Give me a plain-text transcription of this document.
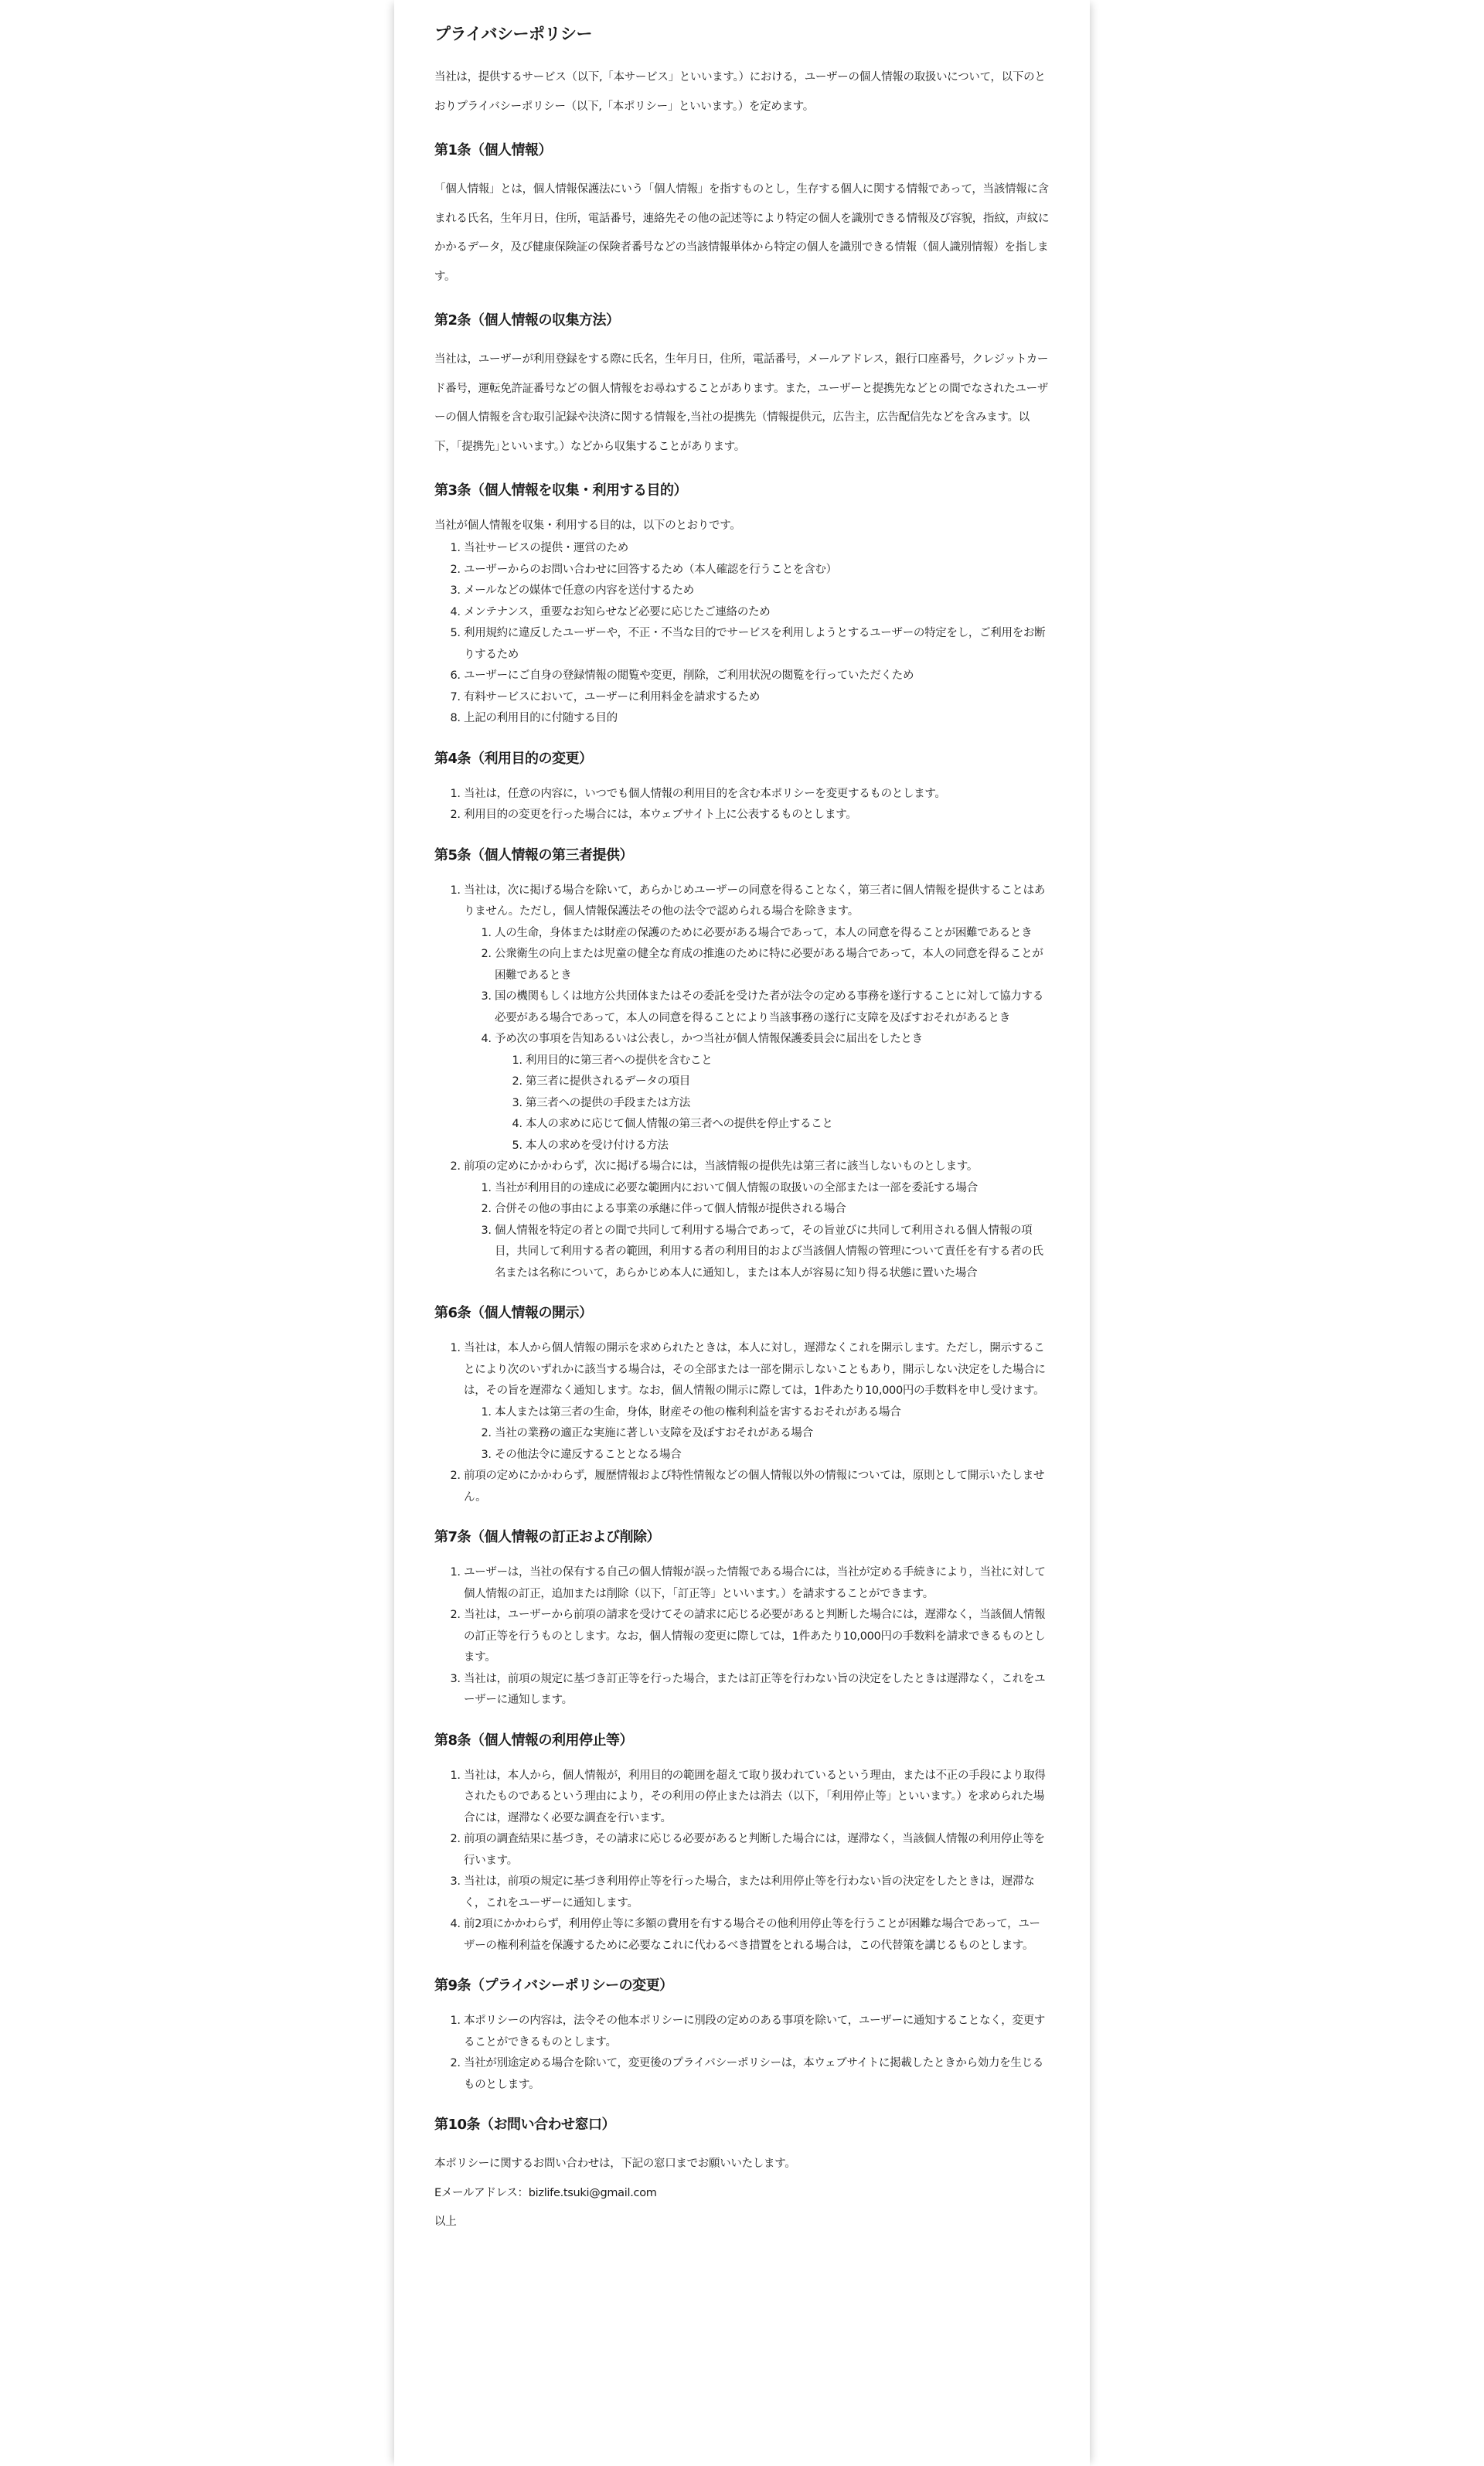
プライバシーポリシー

当社は，提供するサービス（以下,「本サービス」といいます。）における，ユーザーの個人情報の取扱いについて，以下のとおりプライバシーポリシー（以下,「本ポリシー」といいます。）を定めます。

第1条（個人情報）

「個人情報」とは，個人情報保護法にいう「個人情報」を指すものとし，生存する個人に関する情報であって，当該情報に含まれる氏名，生年月日，住所，電話番号，連絡先その他の記述等により特定の個人を識別できる情報及び容貌，指紋，声紋にかかるデータ，及び健康保険証の保険者番号などの当該情報単体から特定の個人を識別できる情報（個人識別情報）を指します。

第2条（個人情報の収集方法）

当社は，ユーザーが利用登録をする際に氏名，生年月日，住所，電話番号，メールアドレス，銀行口座番号，クレジットカード番号，運転免許証番号などの個人情報をお尋ねすることがあります。また，ユーザーと提携先などとの間でなされたユーザーの個人情報を含む取引記録や決済に関する情報を,当社の提携先（情報提供元，広告主，広告配信先などを含みます。以下，｢提携先｣といいます。）などから収集することがあります。

第3条（個人情報を収集・利用する目的）

当社が個人情報を収集・利用する目的は，以下のとおりです。

1. 当社サービスの提供・運営のため
2. ユーザーからのお問い合わせに回答するため（本人確認を行うことを含む）
3. メールなどの媒体で任意の内容を送付するため
4. メンテナンス，重要なお知らせなど必要に応じたご連絡のため
5. 利用規約に違反したユーザーや，不正・不当な目的でサービスを利用しようとするユーザーの特定をし，ご利用をお断りするため
6. ユーザーにご自身の登録情報の閲覧や変更，削除，ご利用状況の閲覧を行っていただくため
7. 有料サービスにおいて，ユーザーに利用料金を請求するため
8. 上記の利用目的に付随する目的
第4条（利用目的の変更）
1. 当社は，任意の内容に，いつでも個人情報の利用目的を含む本ポリシーを変更するものとします。
2. 利用目的の変更を行った場合には，本ウェブサイト上に公表するものとします。
第5条（個人情報の第三者提供）
1. 当社は，次に掲げる場合を除いて，あらかじめユーザーの同意を得ることなく，第三者に個人情報を提供することはありません。ただし，個人情報保護法その他の法令で認められる場合を除きます。
1. 人の生命，身体または財産の保護のために必要がある場合であって，本人の同意を得ることが困難であるとき
2. 公衆衛生の向上または児童の健全な育成の推進のために特に必要がある場合であって，本人の同意を得ることが困難であるとき
3. 国の機関もしくは地方公共団体またはその委託を受けた者が法令の定める事務を遂行することに対して協力する必要がある場合であって，本人の同意を得ることにより当該事務の遂行に支障を及ぼすおそれがあるとき
4. 予め次の事項を告知あるいは公表し，かつ当社が個人情報保護委員会に届出をしたとき
1. 利用目的に第三者への提供を含むこと
2. 第三者に提供されるデータの項目
3. 第三者への提供の手段または方法
4. 本人の求めに応じて個人情報の第三者への提供を停止すること
5. 本人の求めを受け付ける方法
2. 前項の定めにかかわらず，次に掲げる場合には，当該情報の提供先は第三者に該当しないものとします。
1. 当社が利用目的の達成に必要な範囲内において個人情報の取扱いの全部または一部を委託する場合
2. 合併その他の事由による事業の承継に伴って個人情報が提供される場合
3. 個人情報を特定の者との間で共同して利用する場合であって，その旨並びに共同して利用される個人情報の項目，共同して利用する者の範囲，利用する者の利用目的および当該個人情報の管理について責任を有する者の氏名または名称について，あらかじめ本人に通知し，または本人が容易に知り得る状態に置いた場合
第6条（個人情報の開示）
1. 当社は，本人から個人情報の開示を求められたときは，本人に対し，遅滞なくこれを開示します。ただし，開示することにより次のいずれかに該当する場合は，その全部または一部を開示しないこともあり，開示しない決定をした場合には，その旨を遅滞なく通知します。なお，個人情報の開示に際しては，1件あたり10,000円の手数料を申し受けます。
1. 本人または第三者の生命，身体，財産その他の権利利益を害するおそれがある場合
2. 当社の業務の適正な実施に著しい支障を及ぼすおそれがある場合
3. その他法令に違反することとなる場合
2. 前項の定めにかかわらず，履歴情報および特性情報などの個人情報以外の情報については，原則として開示いたしません。
第7条（個人情報の訂正および削除）
1. ユーザーは，当社の保有する自己の個人情報が誤った情報である場合には，当社が定める手続きにより，当社に対して個人情報の訂正，追加または削除（以下，「訂正等」といいます。）を請求することができます。
2. 当社は，ユーザーから前項の請求を受けてその請求に応じる必要があると判断した場合には，遅滞なく，当該個人情報の訂正等を行うものとします。なお，個人情報の変更に際しては，1件あたり10,000円の手数料を請求できるものとします。
3. 当社は，前項の規定に基づき訂正等を行った場合，または訂正等を行わない旨の決定をしたときは遅滞なく，これをユーザーに通知します。
第8条（個人情報の利用停止等）
1. 当社は，本人から，個人情報が，利用目的の範囲を超えて取り扱われているという理由，または不正の手段により取得されたものであるという理由により，その利用の停止または消去（以下，「利用停止等」といいます。）を求められた場合には，遅滞なく必要な調査を行います。
2. 前項の調査結果に基づき，その請求に応じる必要があると判断した場合には，遅滞なく，当該個人情報の利用停止等を行います。
3. 当社は，前項の規定に基づき利用停止等を行った場合，または利用停止等を行わない旨の決定をしたときは，遅滞なく，これをユーザーに通知します。
4. 前2項にかかわらず，利用停止等に多額の費用を有する場合その他利用停止等を行うことが困難な場合であって，ユーザーの権利利益を保護するために必要なこれに代わるべき措置をとれる場合は，この代替策を講じるものとします。
第9条（プライバシーポリシーの変更）
1. 本ポリシーの内容は，法令その他本ポリシーに別段の定めのある事項を除いて，ユーザーに通知することなく，変更することができるものとします。
2. 当社が別途定める場合を除いて，変更後のプライバシーポリシーは，本ウェブサイトに掲載したときから効力を生じるものとします。
第10条（お問い合わせ窓口）

本ポリシーに関するお問い合わせは，下記の窓口までお願いいたします。

Eメールアドレス：bizlife.tsuki@gmail.com

以上
